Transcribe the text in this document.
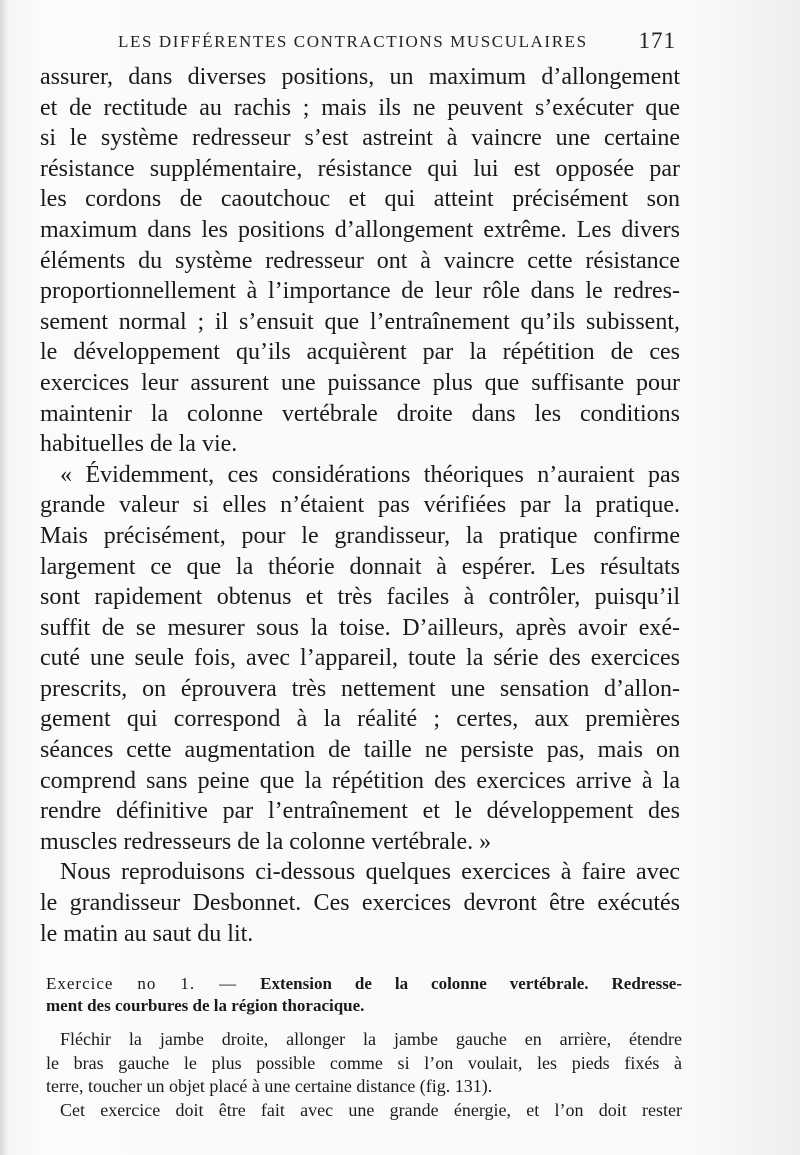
LES DIFFÉRENTES CONTRACTIONS MUSCULAIRES 171
assurer, dans diverses positions, un maximum d’allongement
et de rectitude au rachis ; mais ils ne peuvent s’exécuter que
si le système redresseur s’est astreint à vaincre une certaine
résistance supplémentaire, résistance qui lui est opposée par
les cordons de caoutchouc et qui atteint précisément son
maximum dans les positions d’allongement extrême. Les divers
éléments du système redresseur ont à vaincre cette résistance
proportionnellement à l’importance de leur rôle dans le redres-
sement normal ; il s’ensuit que l’entraînement qu’ils subissent,
le développement qu’ils acquièrent par la répétition de ces
exercices leur assurent une puissance plus que suffisante pour
maintenir la colonne vertébrale droite dans les conditions
habituelles de la vie.
« Évidemment, ces considérations théoriques n’auraient pas
grande valeur si elles n’étaient pas vérifiées par la pratique.
Mais précisément, pour le grandisseur, la pratique confirme
largement ce que la théorie donnait à espérer. Les résultats
sont rapidement obtenus et très faciles à contrôler, puisqu’il
suffit de se mesurer sous la toise. D’ailleurs, après avoir exé-
cuté une seule fois, avec l’appareil, toute la série des exercices
prescrits, on éprouvera très nettement une sensation d’allon-
gement qui correspond à la réalité ; certes, aux premières
séances cette augmentation de taille ne persiste pas, mais on
comprend sans peine que la répétition des exercices arrive à la
rendre définitive par l’entraînement et le développement des
muscles redresseurs de la colonne vertébrale. »
Nous reproduisons ci-dessous quelques exercices à faire avec
le grandisseur Desbonnet. Ces exercices devront être exécutés
le matin au saut du lit.
Exercice no 1. — Extension de la colonne vertébrale. Redresse-
ment des courbures de la région thoracique.
Fléchir la jambe droite, allonger la jambe gauche en arrière, étendre
le bras gauche le plus possible comme si l’on voulait, les pieds fixés à
terre, toucher un objet placé à une certaine distance (fig. 131).
Cet exercice doit être fait avec une grande énergie, et l’on doit rester
